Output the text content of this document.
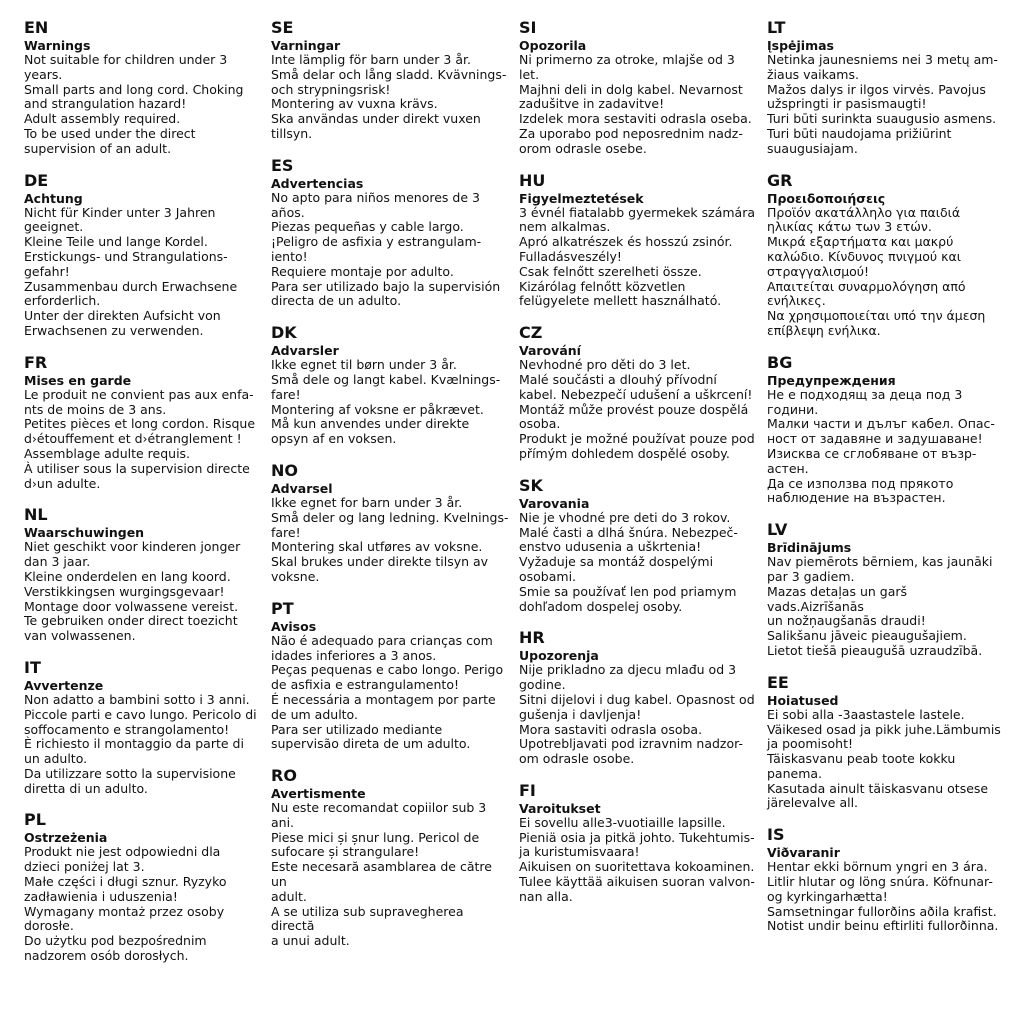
EN
Warnings
Not suitable for children under 3
years.
Small parts and long cord. Choking
and strangulation hazard!
Adult assembly required.
To be used under the direct
supervision of an adult.
DE
Achtung
Nicht für Kinder unter 3 Jahren
geeignet.
Kleine Teile und lange Kordel.
Erstickungs- und Strangulations-
gefahr!
Zusammenbau durch Erwachsene
erforderlich.
Unter der direkten Aufsicht von
Erwachsenen zu verwenden.
FR
Mises en garde
Le produit ne convient pas aux enfa-
nts de moins de 3 ans.
Petites pièces et long cordon. Risque
d›étouffement et d›étranglement !
Assemblage adulte requis.
À utiliser sous la supervision directe
d›un adulte.
NL
Waarschuwingen
Niet geschikt voor kinderen jonger
dan 3 jaar.
Kleine onderdelen en lang koord.
Verstikkingsen wurgingsgevaar!
Montage door volwassene vereist.
Te gebruiken onder direct toezicht
van volwassenen.
IT
Avvertenze
Non adatto a bambini sotto i 3 anni.
Piccole parti e cavo lungo. Pericolo di
soffocamento e strangolamento!
È richiesto il montaggio da parte di
un adulto.
Da utilizzare sotto la supervisione
diretta di un adulto.
PL
Ostrzeżenia
Produkt nie jest odpowiedni dla
dzieci poniżej lat 3.
Małe części i długi sznur. Ryzyko
zadławienia i uduszenia!
Wymagany montaż przez osoby
dorosłe.
Do użytku pod bezpośrednim
nadzorem osób dorosłych.
SE
Varningar
Inte lämplig för barn under 3 år.
Små delar och lång sladd. Kvävnings-
och strypningsrisk!
Montering av vuxna krävs.
Ska användas under direkt vuxen
tillsyn.
ES
Advertencias
No apto para niños menores de 3
años.
Piezas pequeñas y cable largo.
¡Peligro de asfixia y estrangulam-
iento!
Requiere montaje por adulto.
Para ser utilizado bajo la supervisión
directa de un adulto.
DK
Advarsler
Ikke egnet til børn under 3 år.
Små dele og langt kabel. Kvælnings-
fare!
Montering af voksne er påkrævet.
Må kun anvendes under direkte
opsyn af en voksen.
NO
Advarsel
Ikke egnet for barn under 3 år.
Små deler og lang ledning. Kvelnings-
fare!
Montering skal utføres av voksne.
Skal brukes under direkte tilsyn av
voksne.
PT
Avisos
Não é adequado para crianças com
idades inferiores a 3 anos.
Peças pequenas e cabo longo. Perigo
de asfixia e estrangulamento!
É necessária a montagem por parte
de um adulto.
Para ser utilizado mediante
supervisão direta de um adulto.
RO
Avertismente
Nu este recomandat copiilor sub 3
ani.
Piese mici și șnur lung. Pericol de
sufocare și strangulare!
Este necesară asamblarea de către un
adult.
A se utiliza sub supravegherea directă
a unui adult.
SI
Opozorila
Ni primerno za otroke, mlajše od 3
let.
Majhni deli in dolg kabel. Nevarnost
zadušitve in zadavitve!
Izdelek mora sestaviti odrasla oseba.
Za uporabo pod neposrednim nadz-
orom odrasle osebe.
HU
Figyelmeztetések
3 évnél fiatalabb gyermekek számára
nem alkalmas.
Apró alkatrészek és hosszú zsinór.
Fulladásveszély!
Csak felnőtt szerelheti össze.
Kizárólag felnőtt közvetlen
felügyelete mellett használható.
CZ
Varování
Nevhodné pro děti do 3 let.
Malé součásti a dlouhý přívodní
kabel. Nebezpečí udušení a uškrcení!
Montáž může provést pouze dospělá
osoba.
Produkt je možné používat pouze pod
přímým dohledem dospělé osoby.
SK
Varovania
Nie je vhodné pre deti do 3 rokov.
Malé časti a dlhá šnúra. Nebezpeč-
enstvo udusenia a uškrtenia!
Vyžaduje sa montáž dospelými
osobami.
Smie sa používať len pod priamym
dohľadom dospelej osoby.
HR
Upozorenja
Nije prikladno za djecu mlađu od 3
godine.
Sitni dijelovi i dug kabel. Opasnost od
gušenja i davljenja!
Mora sastaviti odrasla osoba.
Upotrebljavati pod izravnim nadzor-
om odrasle osobe.
FI
Varoitukset
Ei sovellu alle3-vuotiaille lapsille.
Pieniä osia ja pitkä johto. Tukehtumis-
ja kuristumisvaara!
Aikuisen on suoritettava kokoaminen.
Tulee käyttää aikuisen suoran valvon-
nan alla.
LT
Įspėjimas
Netinka jaunesniems nei 3 metų am-
žiaus vaikams.
Mažos dalys ir ilgos virvės. Pavojus
užspringti ir pasismaugti!
Turi būti surinkta suaugusio asmens.
Turi būti naudojama prižiūrint
suaugusiajam.
GR
Προειδοποιήσεις
Προϊόν ακατάλληλο για παιδιά
ηλικίας κάτω των 3 ετών.
Μικρά εξαρτήματα και μακρύ
καλώδιο. Κίνδυνος πνιγμού και
στραγγαλισμού!
Απαιτείται συναρμολόγηση από
ενήλικες.
Να χρησιμοποιείται υπό την άμεση
επίβλεψη ενήλικα.
BG
Предупреждения
Не е подходящ за деца под 3
години.
Малки части и дълъг кабел. Опас-
ност от задавяне и задушаване!
Изисква се сглобяване от възр-
астен.
Да се използва под прякото
наблюдение на възрастен.
LV
Brīdinājums
Nav piemērots bērniem, kas jaunāki
par 3 gadiem.
Mazas detaļas un garš vads.Aizrīšanās
un nožņaugšanās draudi!
Salikšanu jāveic pieaugušajiem.
Lietot tiešā pieaugušā uzraudzībā.
EE
Hoiatused
Ei sobi alla -3aastastele lastele.
Väikesed osad ja pikk juhe.Lämbumis
ja poomisoht!
Täiskasvanu peab toote kokku
panema.
Kasutada ainult täiskasvanu otsese
järelevalve all.
IS
Viðvaranir
Hentar ekki börnum yngri en 3 ára.
Litlir hlutar og löng snúra. Köfnunar-
og kyrkingarhætta!
Samsetningar fullorðins aðila krafist.
Notist undir beinu eftirliti fullorðinna.
